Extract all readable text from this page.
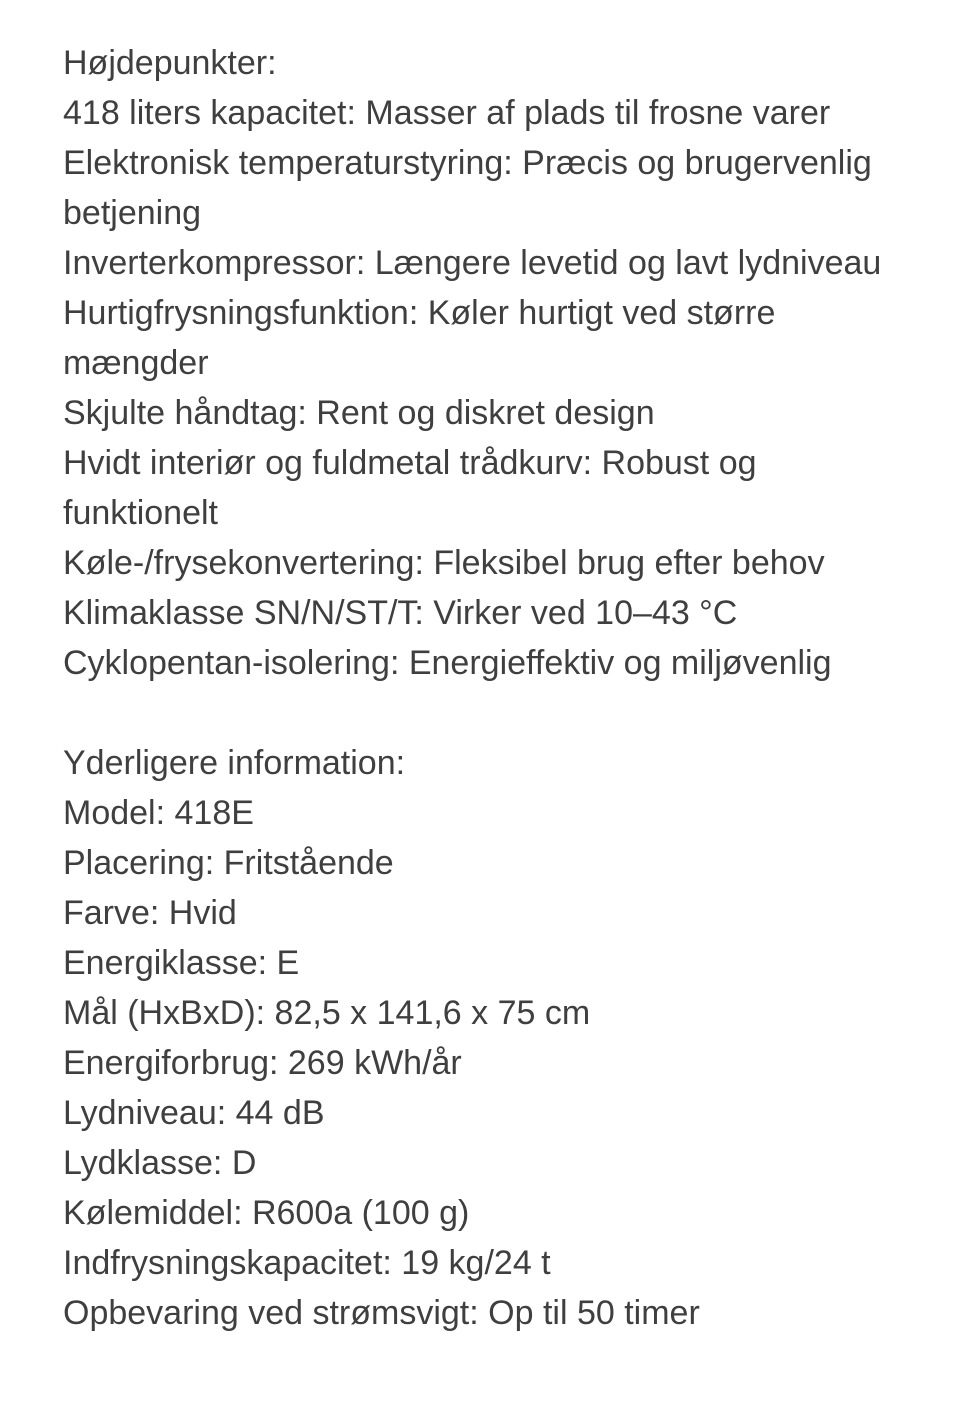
Højdepunkter:
418 liters kapacitet: Masser af plads til frosne varer
Elektronisk temperaturstyring: Præcis og brugervenlig betjening
Inverterkompressor: Længere levetid og lavt lydniveau
Hurtigfrysningsfunktion: Køler hurtigt ved større mængder
Skjulte håndtag: Rent og diskret design
Hvidt interiør og fuldmetal trådkurv: Robust og funktionelt
Køle-/frysekonvertering: Fleksibel brug efter behov
Klimaklasse SN/N/ST/T: Virker ved 10–43 °C
Cyklopentan-isolering: Energieffektiv og miljøvenlig
Yderligere information:
Model: 418E
Placering: Fritstående
Farve: Hvid
Energiklasse: E
Mål (HxBxD): 82,5 x 141,6 x 75 cm
Energiforbrug: 269 kWh/år
Lydniveau: 44 dB
Lydklasse: D
Kølemiddel: R600a (100 g)
Indfrysningskapacitet: 19 kg/24 t
Opbevaring ved strømsvigt: Op til 50 timer
